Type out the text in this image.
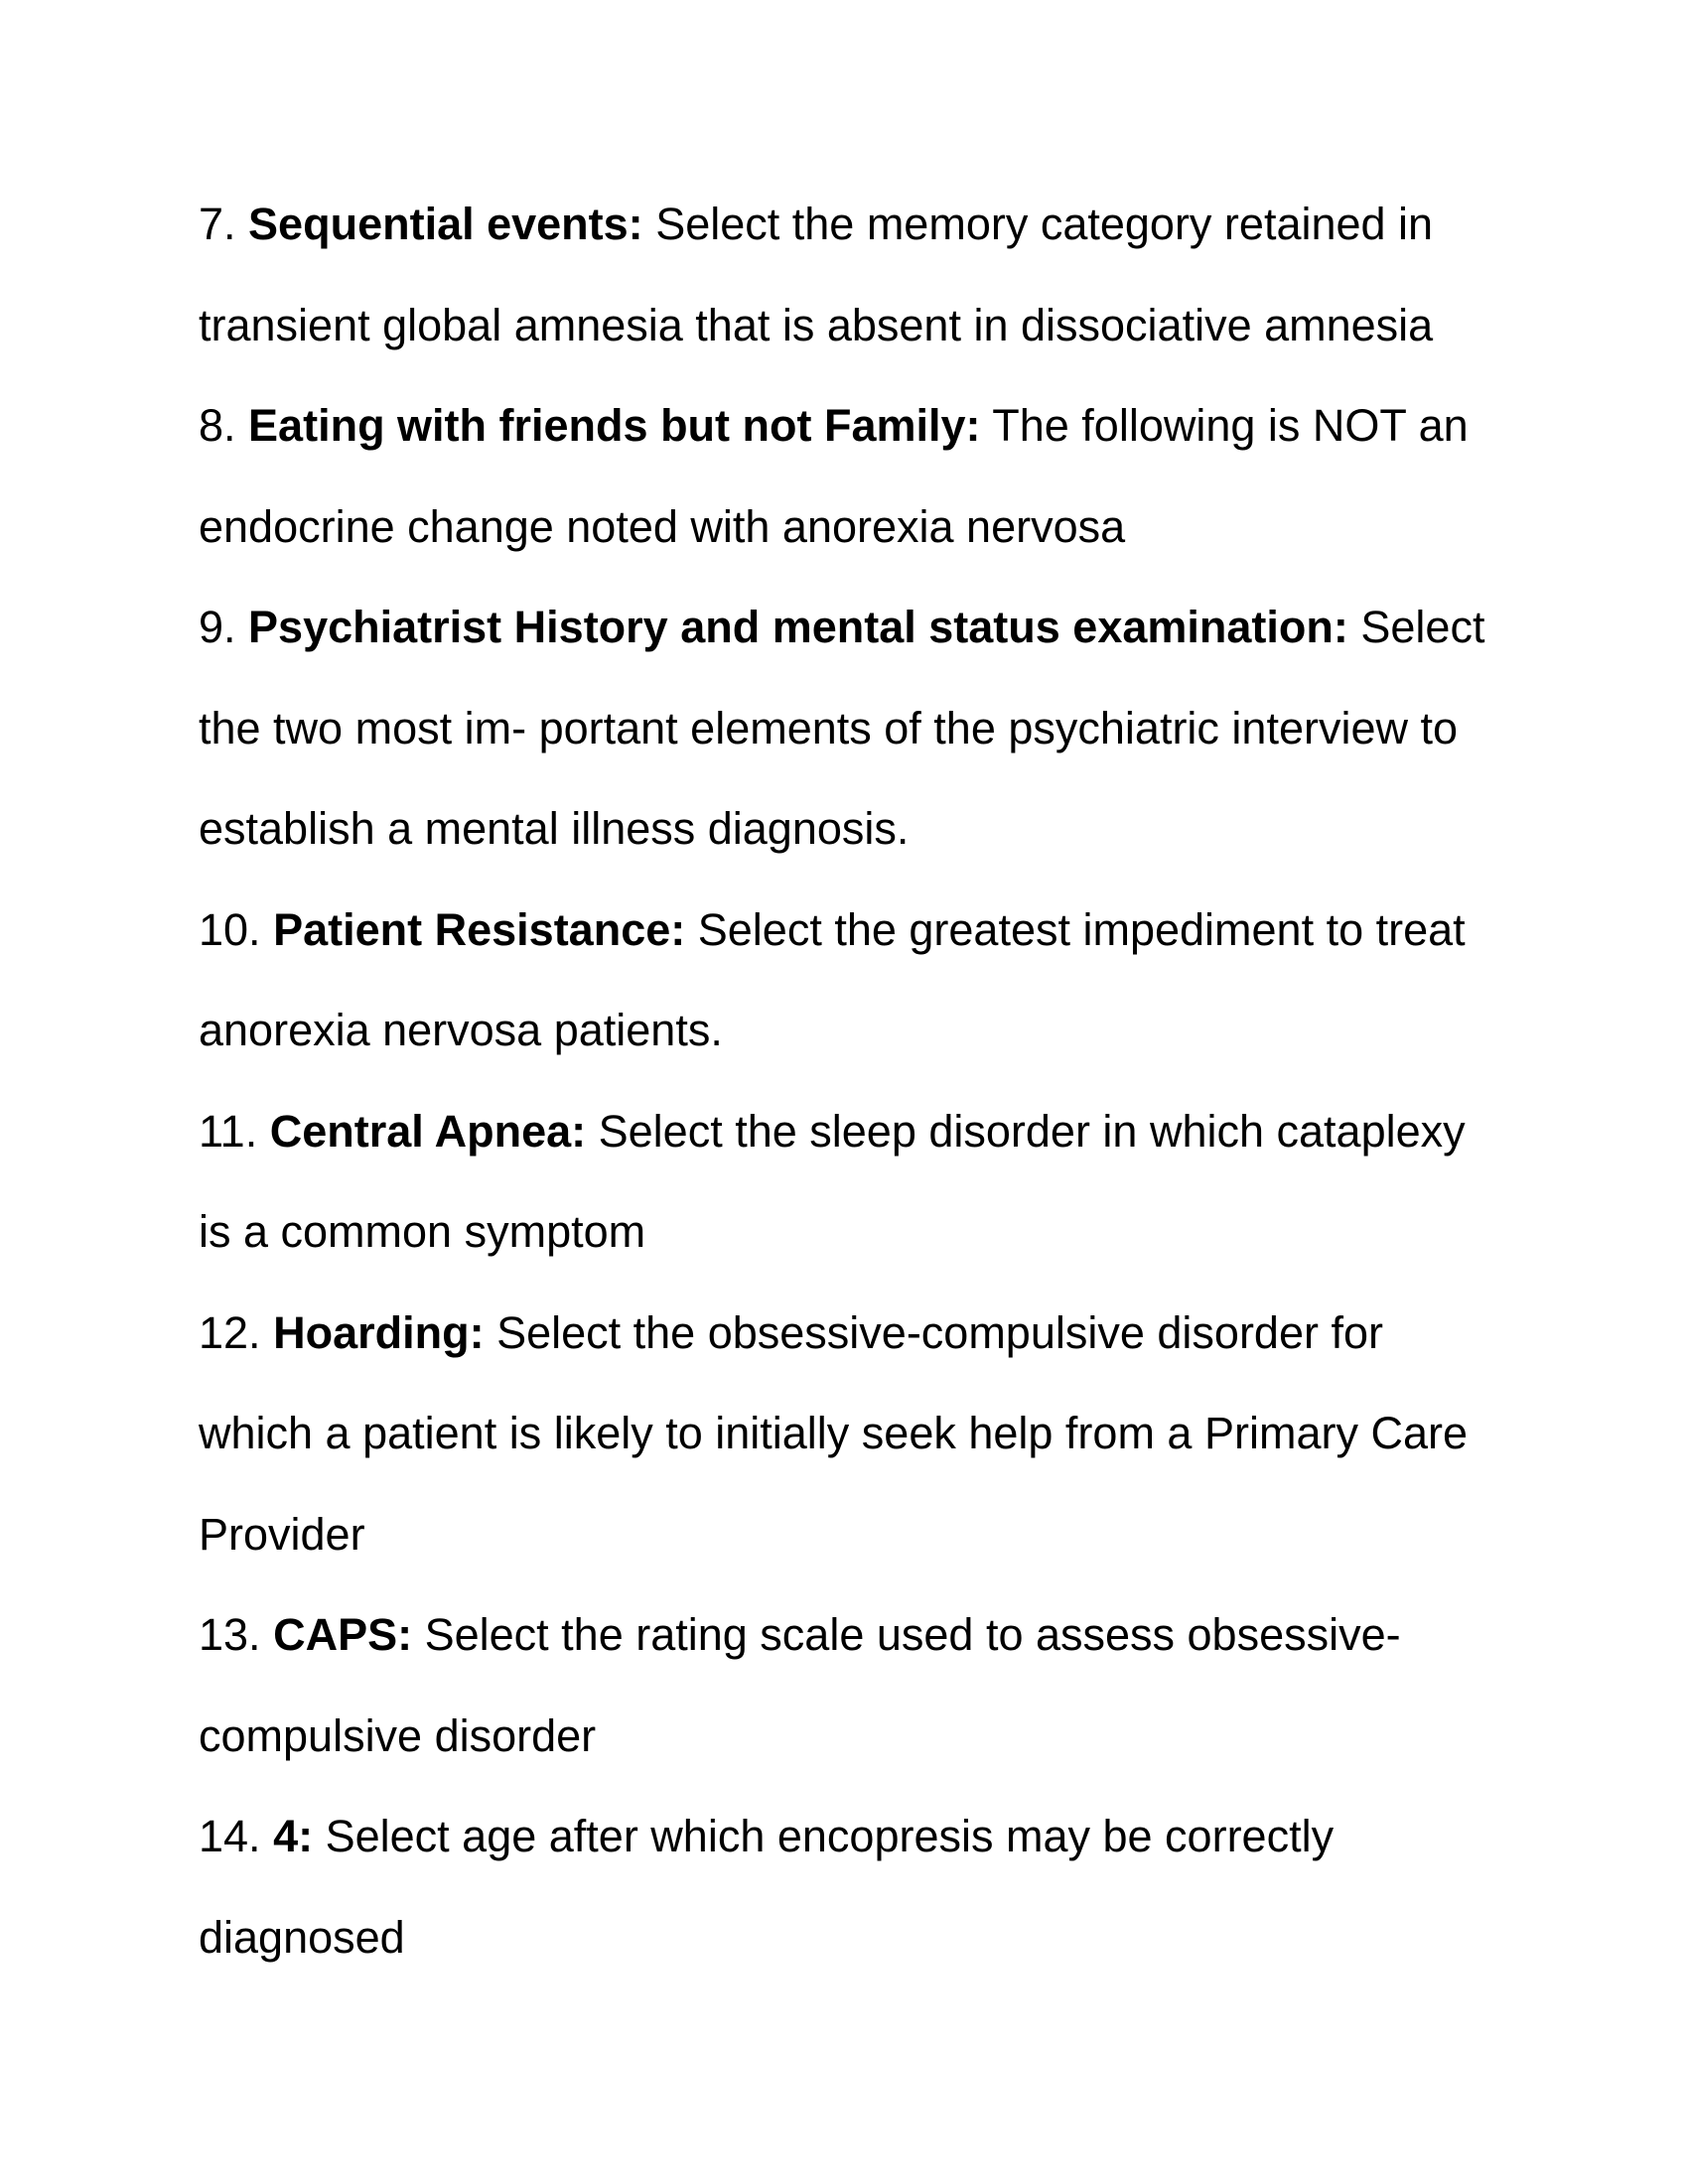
7. Sequential events: Select the memory category retained in transient global amnesia that is absent in dissociative amnesia

8. Eating with friends but not Family: The following is NOT an endocrine change noted with anorexia nervosa

9. Psychiatrist History and mental status examination: Select the two most im- portant elements of the psychiatric interview to establish a mental illness diagnosis.

10. Patient Resistance: Select the greatest impediment to treat anorexia nervosa patients.

11. Central Apnea: Select the sleep disorder in which cataplexy is a common symptom

12. Hoarding: Select the obsessive-compulsive disorder for which a patient is likely to initially seek help from a Primary Care Provider

13. CAPS: Select the rating scale used to assess obsessive-compulsive disorder

14. 4: Select age after which encopresis may be correctly diagnosed
